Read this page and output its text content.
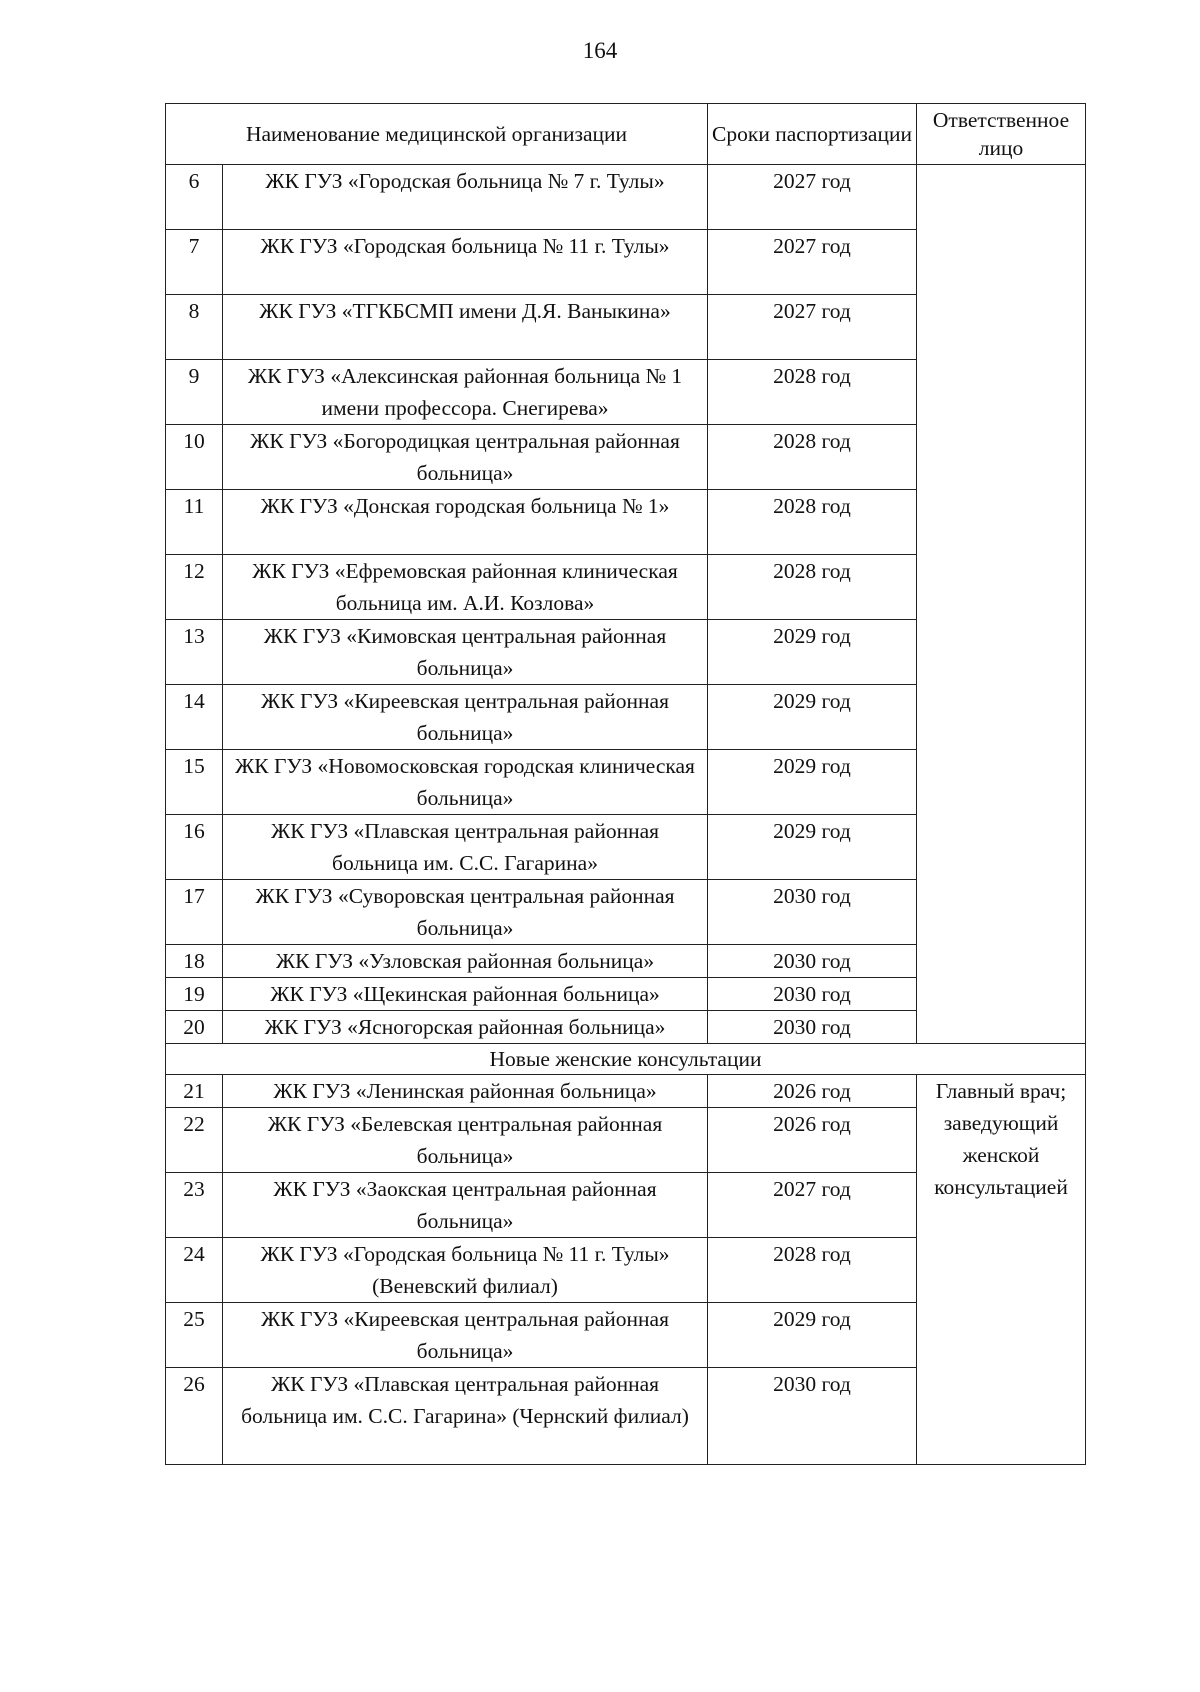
164
Наименование медицинской организации		Сроки паспортизации	Ответственное лицо
6	ЖК ГУЗ «Городская больница № 7 г. Тулы»	2027 год	
7	ЖК ГУЗ «Городская больница № 11 г. Тулы»	2027 год	
8	ЖК ГУЗ «ТГКБСМП имени Д.Я. Ваныкина»	2027 год	
9	ЖК ГУЗ «Алексинская районная больница № 1 имени профессора. Снегирева»	2028 год	
10	ЖК ГУЗ «Богородицкая центральная районная больница»	2028 год	
11	ЖК ГУЗ «Донская городская больница № 1»	2028 год	
12	ЖК ГУЗ «Ефремовская районная клиническая больница им. А.И. Козлова»	2028 год	
13	ЖК ГУЗ «Кимовская центральная районная больница»	2029 год	
14	ЖК ГУЗ «Киреевская центральная районная больница»	2029 год	
15	ЖК ГУЗ «Новомосковская городская клиническая больница»	2029 год	
16	ЖК ГУЗ «Плавская центральная районная больница им. С.С. Гагарина»	2029 год	
17	ЖК ГУЗ «Суворовская центральная районная больница»	2030 год	
18	ЖК ГУЗ «Узловская районная больница»	2030 год	
19	ЖК ГУЗ «Щекинская районная больница»	2030 год	
20	ЖК ГУЗ «Ясногорская районная больница»	2030 год	
Новые женские консультации			
21	ЖК ГУЗ «Ленинская районная больница»	2026 год	Главный врач; заведующий женской консультацией
22	ЖК ГУЗ «Белевская центральная районная больница»	2026 год	
23	ЖК ГУЗ «Заокская центральная районная больница»	2027 год	
24	ЖК ГУЗ «Городская больница № 11 г. Тулы» (Веневский филиал)	2028 год	
25	ЖК ГУЗ «Киреевская центральная районная больница»	2029 год	
26	ЖК ГУЗ «Плавская центральная районная больница им. С.С. Гагарина» (Чернский филиал)	2030 год	
